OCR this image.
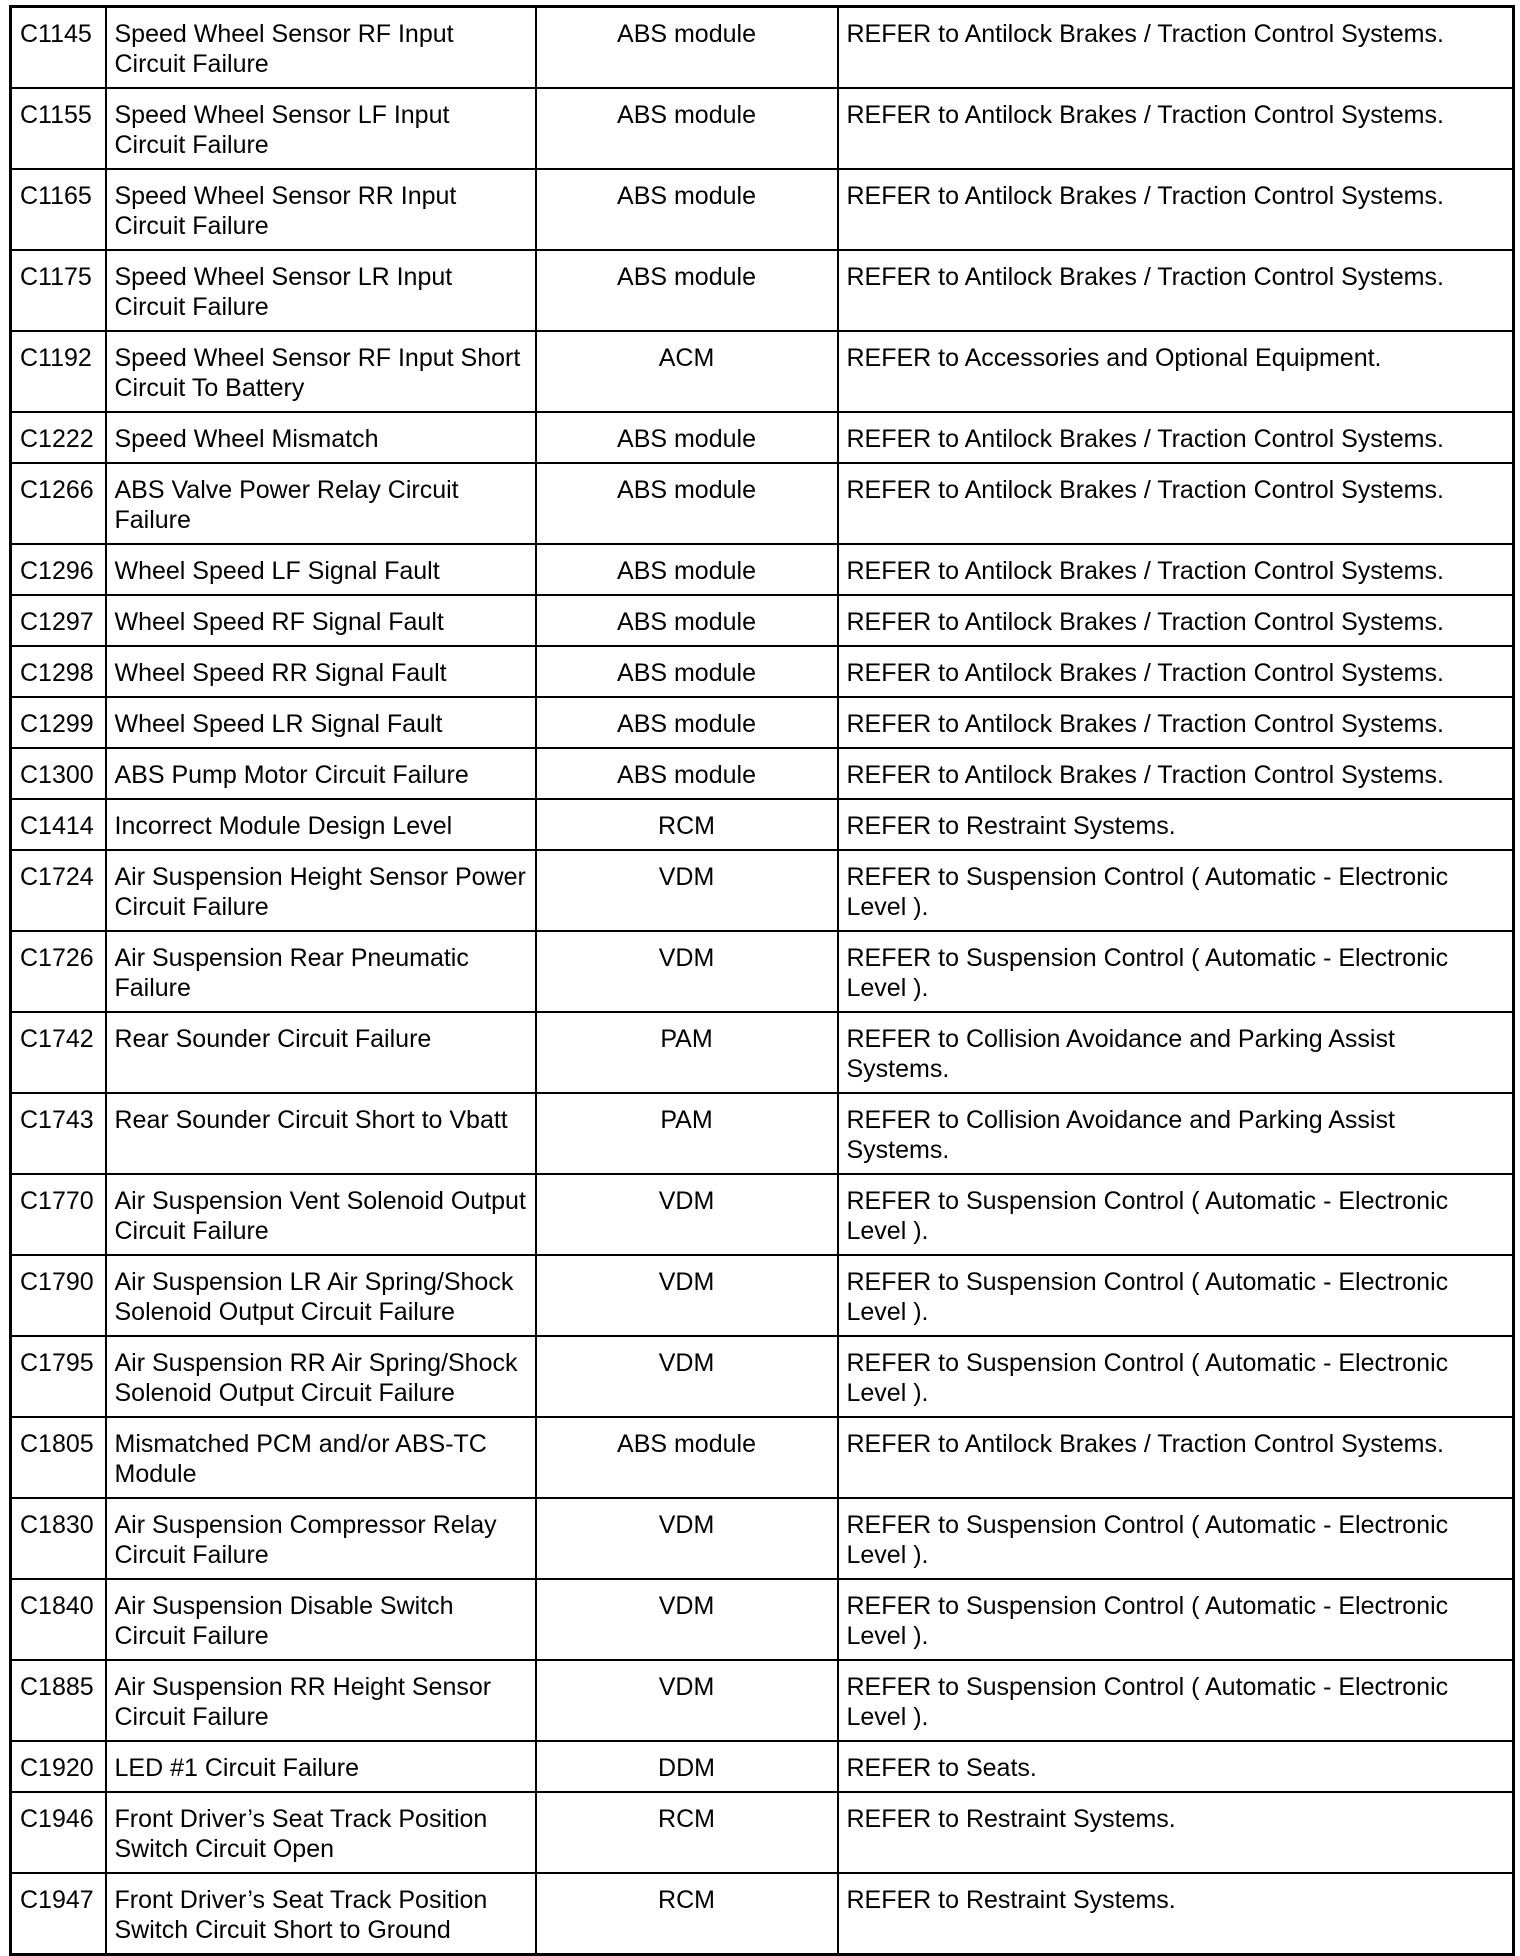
C1145	Speed Wheel Sensor RF Input Circuit Failure	ABS module	REFER to Antilock Brakes / Traction Control Systems.
C1155	Speed Wheel Sensor LF Input Circuit Failure	ABS module	REFER to Antilock Brakes / Traction Control Systems.
C1165	Speed Wheel Sensor RR Input Circuit Failure	ABS module	REFER to Antilock Brakes / Traction Control Systems.
C1175	Speed Wheel Sensor LR Input Circuit Failure	ABS module	REFER to Antilock Brakes / Traction Control Systems.
C1192	Speed Wheel Sensor RF Input Short Circuit To Battery	ACM	REFER to Accessories and Optional Equipment.
C1222	Speed Wheel Mismatch	ABS module	REFER to Antilock Brakes / Traction Control Systems.
C1266	ABS Valve Power Relay Circuit Failure	ABS module	REFER to Antilock Brakes / Traction Control Systems.
C1296	Wheel Speed LF Signal Fault	ABS module	REFER to Antilock Brakes / Traction Control Systems.
C1297	Wheel Speed RF Signal Fault	ABS module	REFER to Antilock Brakes / Traction Control Systems.
C1298	Wheel Speed RR Signal Fault	ABS module	REFER to Antilock Brakes / Traction Control Systems.
C1299	Wheel Speed LR Signal Fault	ABS module	REFER to Antilock Brakes / Traction Control Systems.
C1300	ABS Pump Motor Circuit Failure	ABS module	REFER to Antilock Brakes / Traction Control Systems.
C1414	Incorrect Module Design Level	RCM	REFER to Restraint Systems.
C1724	Air Suspension Height Sensor Power Circuit Failure	VDM	REFER to Suspension Control ( Automatic - Electronic Level ).
C1726	Air Suspension Rear Pneumatic Failure	VDM	REFER to Suspension Control ( Automatic - Electronic Level ).
C1742	Rear Sounder Circuit Failure	PAM	REFER to Collision Avoidance and Parking Assist Systems.
C1743	Rear Sounder Circuit Short to Vbatt	PAM	REFER to Collision Avoidance and Parking Assist Systems.
C1770	Air Suspension Vent Solenoid Output Circuit Failure	VDM	REFER to Suspension Control ( Automatic - Electronic Level ).
C1790	Air Suspension LR Air Spring/Shock Solenoid Output Circuit Failure	VDM	REFER to Suspension Control ( Automatic - Electronic Level ).
C1795	Air Suspension RR Air Spring/Shock Solenoid Output Circuit Failure	VDM	REFER to Suspension Control ( Automatic - Electronic Level ).
C1805	Mismatched PCM and/or ABS-TC Module	ABS module	REFER to Antilock Brakes / Traction Control Systems.
C1830	Air Suspension Compressor Relay Circuit Failure	VDM	REFER to Suspension Control ( Automatic - Electronic Level ).
C1840	Air Suspension Disable Switch Circuit Failure	VDM	REFER to Suspension Control ( Automatic - Electronic Level ).
C1885	Air Suspension RR Height Sensor Circuit Failure	VDM	REFER to Suspension Control ( Automatic - Electronic Level ).
C1920	LED #1 Circuit Failure	DDM	REFER to Seats.
C1946	Front Driver’s Seat Track Position Switch Circuit Open	RCM	REFER to Restraint Systems.
C1947	Front Driver’s Seat Track Position Switch Circuit Short to Ground	RCM	REFER to Restraint Systems.
